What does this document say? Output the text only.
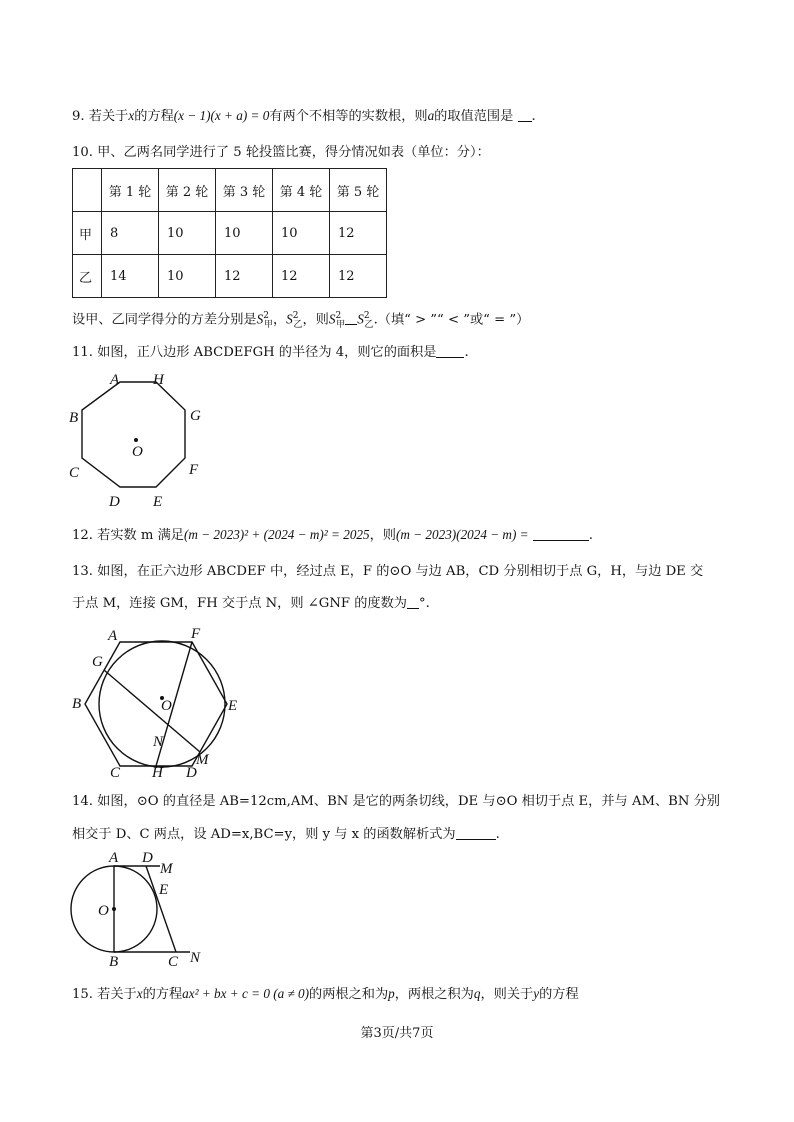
9. 若关于x的方程(x − 1)(x + a) = 0有两个不相等的实数根，则a的取值范围是 .
10. 甲、乙两名同学进行了 5 轮投篮比赛，得分情况如表（单位：分）：
	第 1 轮	第 2 轮	第 3 轮	第 4 轮	第 5 轮
甲	8	10	10	10	12
乙	14	10	12	12	12
设甲、乙同学得分的方差分别是$S^2_甲$，$S^2_乙$，则$S^2_甲$ $S^2_乙$.（填“ > ”“ < ”或“ = ”）
11. 如图，正八边形 ABCDEFGH 的半径为 4，则它的面积是 .
A H
B	G
O
C	F
D E
12. 若实数 m 满足(m − 2023)² + (2024 − m)² = 2025，则(m − 2023)(2024 − m) =	.
13. 如图，在正六边形 ABCDEF 中，经过点 E，F 的⊙O 与边 AB，CD 分别相切于点 G，H，与边 DE 交
于点 M，连接 GM，FH 交于点 N，则 ∠GNF 的度数为 °.
A	F
G
B	O	E
N
M
C H D
14. 如图，⊙O 的直径是 AB=12cm,AM、BN 是它的两条切线，DE 与⊙O 相切于点 E，并与 AM、BN 分别
相交于 D、C 两点，设 AD=x,BC=y，则 y 与 x 的函数解析式为	.
A D
M
E
O
B	C N
15. 若关于x的方程ax² + bx + c = 0 (a ≠ 0)的两根之和为p，两根之积为q，则关于y的方程
第3页/共7页
